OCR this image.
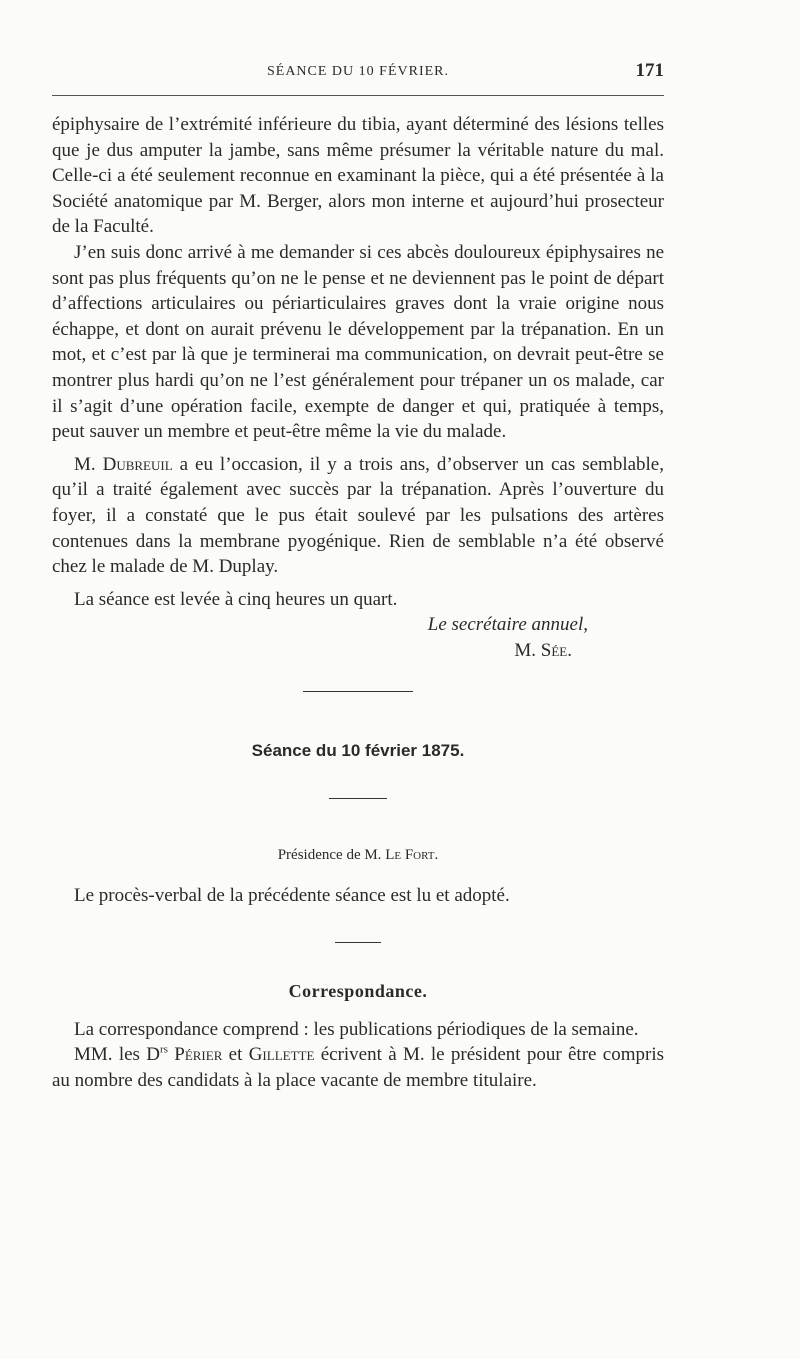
SÉANCE DU 10 FÉVRIER.	171

épiphysaire de l’extrémité inférieure du tibia, ayant déterminé des lésions telles que je dus amputer la jambe, sans même présumer la véritable nature du mal. Celle-ci a été seulement reconnue en examinant la pièce, qui a été présentée à la Société anatomique par M. Berger, alors mon interne et aujourd’hui prosecteur de la Faculté.

J’en suis donc arrivé à me demander si ces abcès douloureux épiphysaires ne sont pas plus fréquents qu’on ne le pense et ne deviennent pas le point de départ d’affections articulaires ou périarticulaires graves dont la vraie origine nous échappe, et dont on aurait prévenu le développement par la trépanation. En un mot, et c’est par là que je terminerai ma communication, on devrait peut-être se montrer plus hardi qu’on ne l’est généralement pour trépaner un os malade, car il s’agit d’une opération facile, exempte de danger et qui, pratiquée à temps, peut sauver un membre et peut-être même la vie du malade.

M. Dubreuil a eu l’occasion, il y a trois ans, d’observer un cas semblable, qu’il a traité également avec succès par la trépanation. Après l’ouverture du foyer, il a constaté que le pus était soulevé par les pulsations des artères contenues dans la membrane pyogénique. Rien de semblable n’a été observé chez le malade de M. Duplay.

La séance est levée à cinq heures un quart.

Le secrétaire annuel,

M. Sée.

Séance du 10 février 1875.
Présidence de M. Le Fort.

Le procès-verbal de la précédente séance est lu et adopté.

Correspondance.

La correspondance comprend : les publications périodiques de la semaine.

MM. les $D^{rs}$ Périer et Gillette écrivent à M. le président pour être compris au nombre des candidats à la place vacante de membre titulaire.
